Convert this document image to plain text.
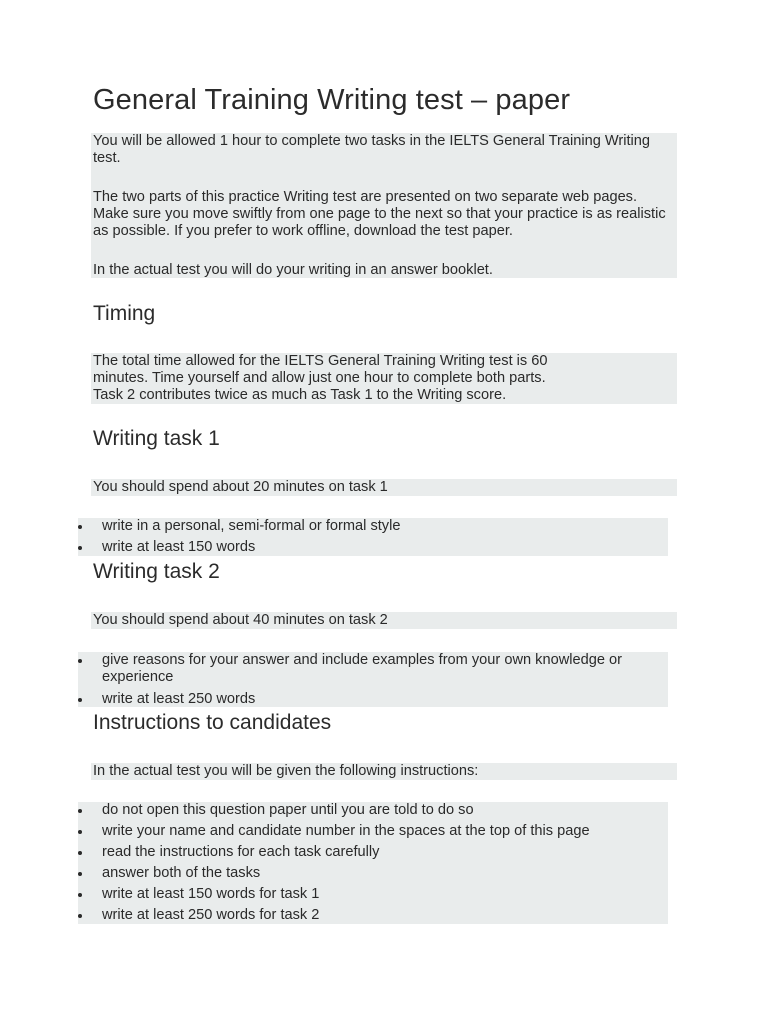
General Training Writing test – paper

You will be allowed 1 hour to complete two tasks in the IELTS General Training Writing test.

The two parts of this practice Writing test are presented on two separate web pages. Make sure you move swiftly from one page to the next so that your practice is as realistic as possible. If you prefer to work offline, download the test paper.

In the actual test you will do your writing in an answer booklet.

Timing
The total time allowed for the IELTS General Training Writing test is 60
minutes. Time yourself and allow just one hour to complete both parts.
Task 2 contributes twice as much as Task 1 to the Writing score.
Writing task 1
You should spend about 20 minutes on task 1
write in a personal, semi-formal or formal style
write at least 150 words
Writing task 2
You should spend about 40 minutes on task 2
give reasons for your answer and include examples from your own knowledge or experience
write at least 250 words
Instructions to candidates
In the actual test you will be given the following instructions:
do not open this question paper until you are told to do so
write your name and candidate number in the spaces at the top of this page
read the instructions for each task carefully
answer both of the tasks
write at least 150 words for task 1
write at least 250 words for task 2
